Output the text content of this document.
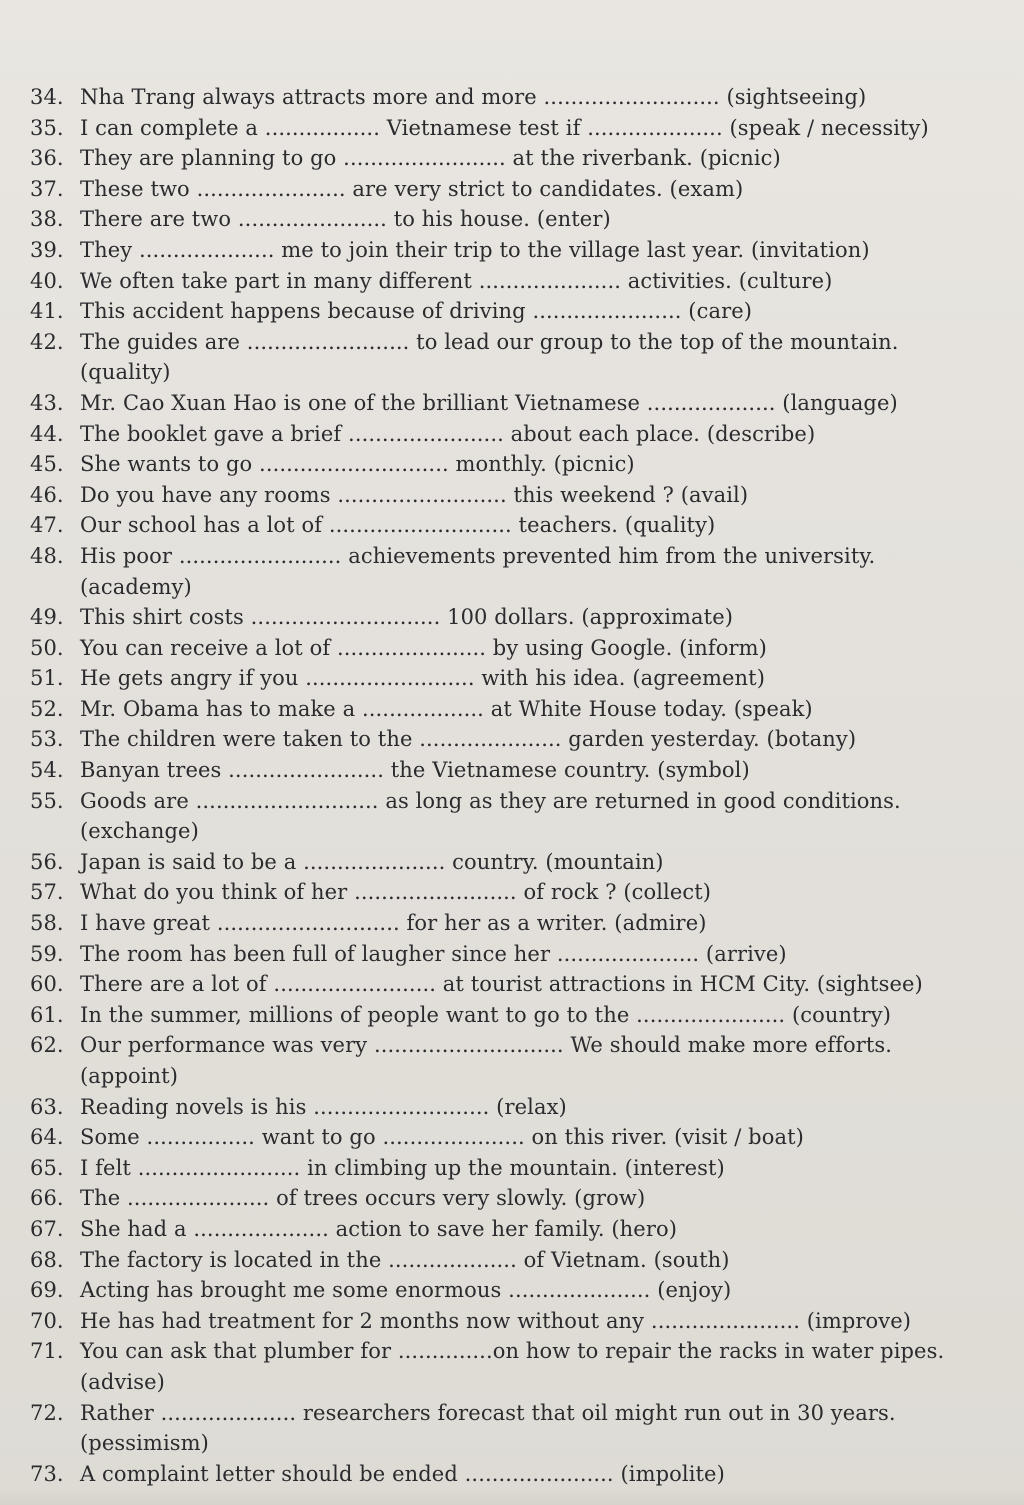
34. Nha Trang always attracts more and more .......................... (sightseeing)
35. I can complete a ................. Vietnamese test if .................... (speak / necessity)
36. They are planning to go ........................ at the riverbank. (picnic)
37. These two ...................... are very strict to candidates. (exam)
38. There are two ...................... to his house. (enter)
39. They .................... me to join their trip to the village last year. (invitation)
40. We often take part in many different ..................... activities. (culture)
41. This accident happens because of driving ...................... (care)
42. The guides are ........................ to lead our group to the top of the mountain.
(quality)
43. Mr. Cao Xuan Hao is one of the brilliant Vietnamese ................... (language)
44. The booklet gave a brief ....................... about each place. (describe)
45. She wants to go ............................ monthly. (picnic)
46. Do you have any rooms ......................... this weekend ? (avail)
47. Our school has a lot of ........................... teachers. (quality)
48. His poor ........................ achievements prevented him from the university.
(academy)
49. This shirt costs ............................ 100 dollars. (approximate)
50. You can receive a lot of ...................... by using Google. (inform)
51. He gets angry if you ......................... with his idea. (agreement)
52. Mr. Obama has to make a .................. at White House today. (speak)
53. The children were taken to the ..................... garden yesterday. (botany)
54. Banyan trees ....................... the Vietnamese country. (symbol)
55. Goods are ........................... as long as they are returned in good conditions.
(exchange)
56. Japan is said to be a ..................... country. (mountain)
57. What do you think of her ........................ of rock ? (collect)
58. I have great ........................... for her as a writer. (admire)
59. The room has been full of laugher since her ..................... (arrive)
60. There are a lot of ........................ at tourist attractions in HCM City. (sightsee)
61. In the summer, millions of people want to go to the ...................... (country)
62. Our performance was very ............................ We should make more efforts.
(appoint)
63. Reading novels is his .......................... (relax)
64. Some ................ want to go ..................... on this river. (visit / boat)
65. I felt ........................ in climbing up the mountain. (interest)
66. The ..................... of trees occurs very slowly. (grow)
67. She had a .................... action to save her family. (hero)
68. The factory is located in the ................... of Vietnam. (south)
69. Acting has brought me some enormous ..................... (enjoy)
70. He has had treatment for 2 months now without any ...................... (improve)
71. You can ask that plumber for ..............on how to repair the racks in water pipes.
(advise)
72. Rather .................... researchers forecast that oil might run out in 30 years.
(pessimism)
73. A complaint letter should be ended ...................... (impolite)
